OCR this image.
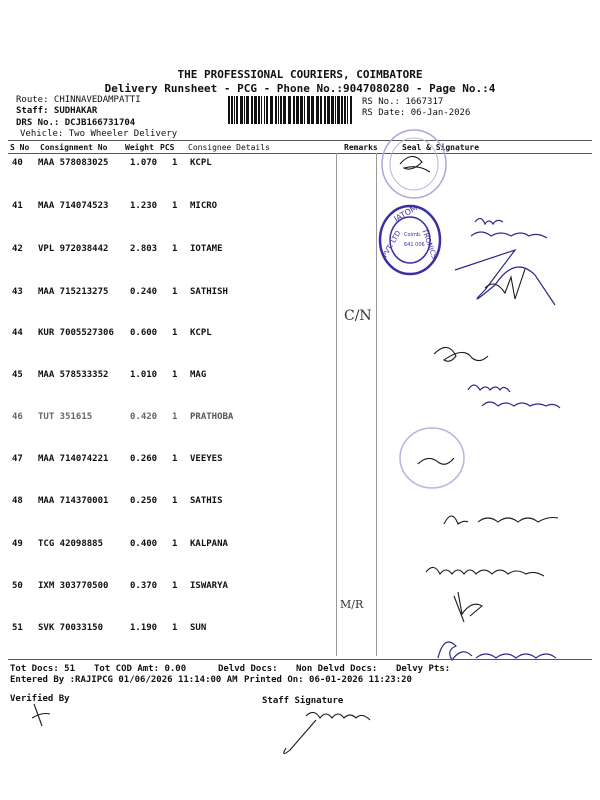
THE PROFESSIONAL COURIERS, COIMBATORE
Delivery Runsheet - PCG - Phone No.:9047080280 - Page No.:4
Route: CHINNAVEDAMPATTI
Staff: SUDHAKAR
DRS No.: DCJB166731704
Vehicle: Two Wheeler Delivery
RS No.: 1667317
RS Date: 06-Jan-2026
S No Consignment No Weight PCS Consignee Details	Remarks	Seal & Signature
40 MAA 578083025 1.070 1 KCPL
41 MAA 714074523 1.230 1 MICRO
42 VPL 972038442 2.803 1 IOTAME
43 MAA 715213275 0.240 1 SATHISH
44 KUR 7005527306 0.600 1 KCPL
45 MAA 578533352 1.010 1 MAG
46 TUT 351615	0.420 1 PRATHOBA
47 MAA 714074221 0.260 1 VEEYES
48 MAA 714370001 0.250 1 SATHIS
49 TCG 42098885	0.400 1 KALPANA
50 IXM 303770500 0.370 1 ISWARYA
51 SVK 70033150	1.190 1 SUN
C/N
M/R
IATOM
TRONICS
PVT. LTD Coimb.
641 006
Tot Docs: 51 Tot COD Amt: 0.00	Delvd Docs: Non Delvd Docs: Delvy Pts:
Entered By :RAJIPCG 01/06/2026 11:14:00 AM Printed On: 06-01-2026 11:23:20
Verified By	Staff Signature
